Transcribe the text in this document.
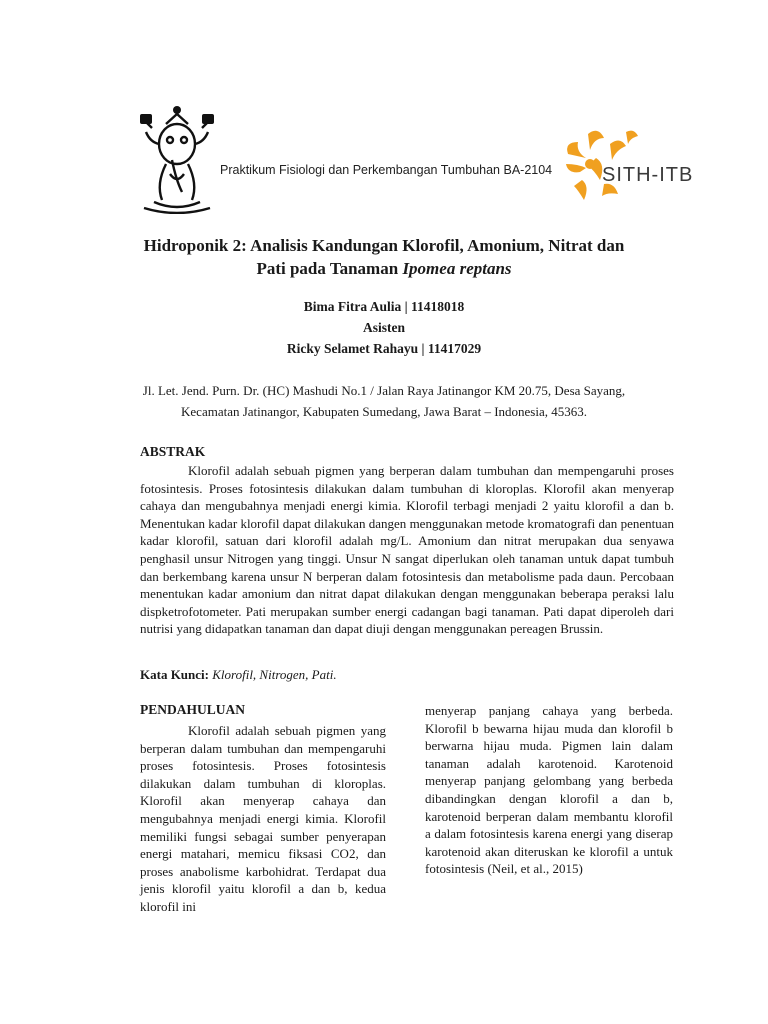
Praktikum Fisiologi dan Perkembangan Tumbuhan BA-2104 SITH-ITB
Hidroponik 2: Analisis Kandungan Klorofil, Amonium, Nitrat dan
Pati pada Tanaman Ipomea reptans
Bima Fitra Aulia | 11418018
Asisten
Ricky Selamet Rahayu | 11417029
Jl. Let. Jend. Purn. Dr. (HC) Mashudi No.1 / Jalan Raya Jatinangor KM 20.75, Desa Sayang,
Kecamatan Jatinangor, Kabupaten Sumedang, Jawa Barat – Indonesia, 45363.
ABSTRAK
Klorofil adalah sebuah pigmen yang berperan dalam tumbuhan dan mempengaruhi proses fotosintesis. Proses fotosintesis dilakukan dalam tumbuhan di kloroplas. Klorofil akan menyerap cahaya dan mengubahnya menjadi energi kimia. Klorofil terbagi menjadi 2 yaitu klorofil a dan b. Menentukan kadar klorofil dapat dilakukan dangen menggunakan metode kromatografi dan penentuan kadar klorofil, satuan dari klorofil adalah mg/L. Amonium dan nitrat merupakan dua senyawa penghasil unsur Nitrogen yang tinggi. Unsur N sangat diperlukan oleh tanaman untuk dapat tumbuh dan berkembang karena unsur N berperan dalam fotosintesis dan metabolisme pada daun. Percobaan menentukan kadar amonium dan nitrat dapat dilakukan dengan menggunakan beberapa peraksi lalu dispketrofotometer. Pati merupakan sumber energi cadangan bagi tanaman. Pati dapat diperoleh dari nutrisi yang didapatkan tanaman dan dapat diuji dengan menggunakan pereagen Brussin.
Kata Kunci: Klorofil, Nitrogen, Pati.
PENDAHULUAN
Klorofil adalah sebuah pigmen yang berperan dalam tumbuhan dan mempengaruhi proses fotosintesis. Proses fotosintesis dilakukan dalam tumbuhan di kloroplas. Klorofil akan menyerap cahaya dan mengubahnya menjadi energi kimia. Klorofil memiliki fungsi sebagai sumber penyerapan energi matahari, memicu fiksasi CO2, dan proses anabolisme karbohidrat. Terdapat dua jenis klorofil yaitu klorofil a dan b, kedua klorofil ini
menyerap panjang cahaya yang berbeda. Klorofil b bewarna hijau muda dan klorofil b berwarna hijau muda. Pigmen lain dalam tanaman adalah karotenoid. Karotenoid menyerap panjang gelombang yang berbeda dibandingkan dengan klorofil a dan b, karotenoid berperan dalam membantu klorofil a dalam fotosintesis karena energi yang diserap karotenoid akan diteruskan ke klorofil a untuk fotosintesis (Neil, et al., 2015)
